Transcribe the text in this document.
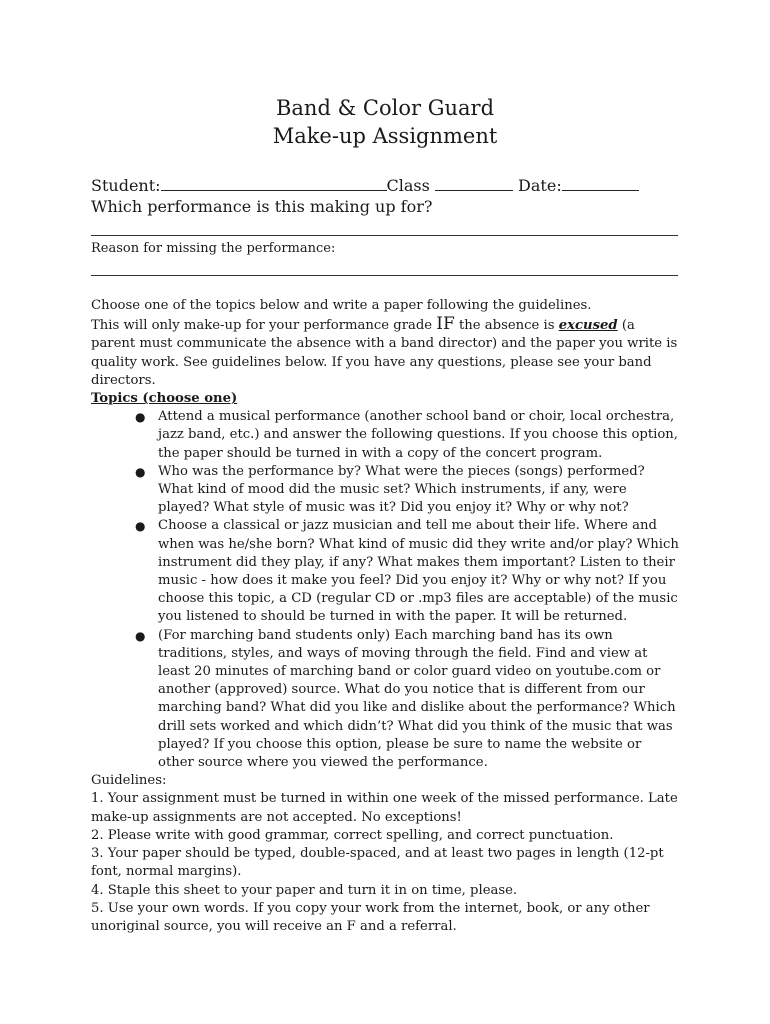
Band & Color Guard
Make-up Assignment
Student:	Class	Date:
Which performance is this making up for?
Reason for missing the performance:

Choose one of the topics below and write a paper following the guidelines.

This will only make-up for your performance grade IF the absence is excused (a parent must communicate the absence with a band director) and the paper you write is quality work. See guidelines below. If you have any questions, please see your band directors.

Topics (choose one)

● Attend a musical performance (another school band or choir, local orchestra, jazz band, etc.) and answer the following questions. If you choose this option, the paper should be turned in with a copy of the concert program.
● Who was the performance by? What were the pieces (songs) performed? What kind of mood did the music set? Which instruments, if any, were played? What style of music was it? Did you enjoy it? Why or why not?
● Choose a classical or jazz musician and tell me about their life. Where and when was he/she born? What kind of music did they write and/or play? Which instrument did they play, if any? What makes them important? Listen to their music - how does it make you feel? Did you enjoy it? Why or why not? If you choose this topic, a CD (regular CD or .mp3 files are acceptable) of the music you listened to should be turned in with the paper. It will be returned.
● (For marching band students only) Each marching band has its own traditions, styles, and ways of moving through the field. Find and view at least 20 minutes of marching band or color guard video on youtube.com or another (approved) source. What do you notice that is different from our marching band? What did you like and dislike about the performance? Which drill sets worked and which didn’t? What did you think of the music that was played? If you choose this option, please be sure to name the website or other source where you viewed the performance.

Guidelines:

1. Your assignment must be turned in within one week of the missed performance. Late make-up assignments are not accepted. No exceptions!

2. Please write with good grammar, correct spelling, and correct punctuation.

3. Your paper should be typed, double-spaced, and at least two pages in length (12-pt font, normal margins).

4. Staple this sheet to your paper and turn it in on time, please.

5. Use your own words. If you copy your work from the internet, book, or any other unoriginal source, you will receive an F and a referral.
